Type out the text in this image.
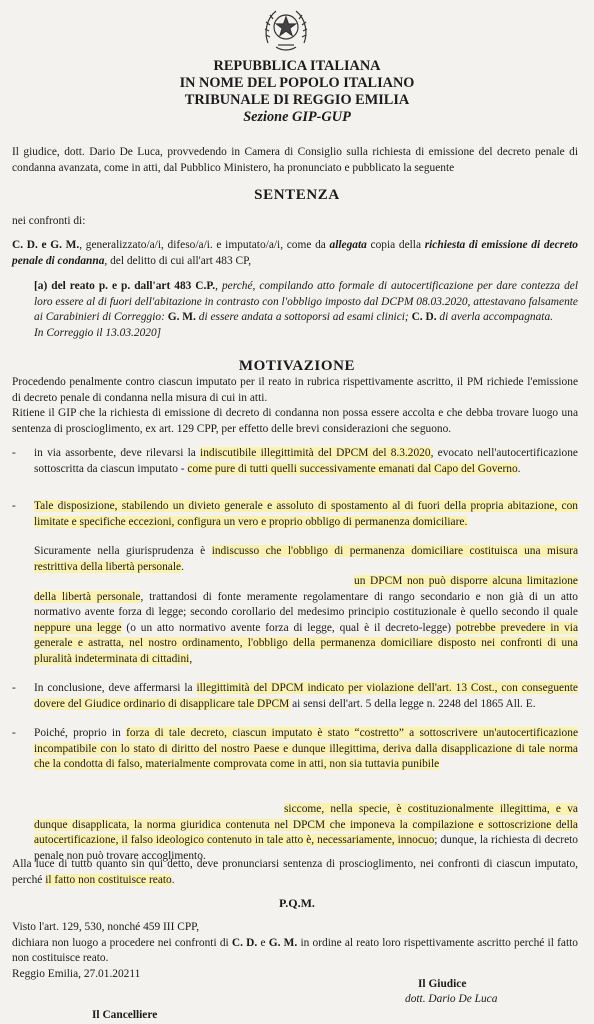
REPUBBLICA ITALIANA
IN NOME DEL POPOLO ITALIANO
TRIBUNALE DI REGGIO EMILIA
Sezione GIP-GUP

Il giudice, dott. Dario De Luca, provvedendo in Camera di Consiglio sulla richiesta di emissione del decreto penale di condanna avanzata, come in atti, dal Pubblico Ministero, ha pronunciato e pubblicato la seguente

SENTENZA

nei confronti di:

C. D. e G. M., generalizzato/a/i, difeso/a/i. e imputato/a/i, come da allegata copia della richiesta di emissione di decreto penale di condanna, del delitto di cui all'art 483 CP,

[a) del reato p. e p. dall'art 483 C.P., perché, compilando atto formale di autocertificazione per dare contezza del loro essere al di fuori dell'abitazione in contrasto con l'obbligo imposto dal DCPM 08.03.2020, attestavano falsamente ai Carabinieri di Correggio: G. M. di essere andata a sottoporsi ad esami clinici; C. D. di averla accompagnata.
In Correggio il 13.03.2020]

MOTIVAZIONE

Procedendo penalmente contro ciascun imputato per il reato in rubrica rispettivamente ascritto, il PM richiede l'emissione di decreto penale di condanna nella misura di cui in atti.

Ritiene il GIP che la richiesta di emissione di decreto di condanna non possa essere accolta e che debba trovare luogo una sentenza di proscioglimento, ex art. 129 CPP, per effetto delle brevi considerazioni che seguono.

- in via assorbente, deve rilevarsi la indiscutibile illegittimità del DPCM del 8.3.2020, evocato nell'autocertificazione sottoscritta da ciascun imputato - come pure di tutti quelli successivamente emanati dal Capo del Governo.

- Tale disposizione, stabilendo un divieto generale e assoluto di spostamento al di fuori della propria abitazione, con limitate e specifiche eccezioni, configura un vero e proprio obbligo di permanenza domiciliare.

Sicuramente nella giurisprudenza è indiscusso che l'obbligo di permanenza domiciliare costituisca una misura restrittiva della libertà personale.

un DPCM non può disporre alcuna limitazione della libertà personale, trattandosi di fonte meramente regolamentare di rango secondario e non già di un atto normativo avente forza di legge; secondo corollario del medesimo principio costituzionale è quello secondo il quale neppure una legge (o un atto normativo avente forza di legge, qual è il decreto-legge) potrebbe prevedere in via generale e astratta, nel nostro ordinamento, l'obbligo della permanenza domiciliare disposto nei confronti di una pluralità indeterminata di cittadini,

- In conclusione, deve affermarsi la illegittimità del DPCM indicato per violazione dell'art. 13 Cost., con conseguente dovere del Giudice ordinario di disapplicare tale DPCM ai sensi dell'art. 5 della legge n. 2248 del 1865 All. E.

- Poiché, proprio in forza di tale decreto, ciascun imputato è stato “costretto” a sottoscrivere un'autocertificazione incompatibile con lo stato di diritto del nostro Paese e dunque illegittima, deriva dalla disapplicazione di tale norma che la condotta di falso, materialmente comprovata come in atti, non sia tuttavia punibile

siccome, nella specie, è costituzionalmente illegittima, e va dunque disapplicata, la norma giuridica contenuta nel DPCM che imponeva la compilazione e sottoscrizione della autocertificazione, il falso ideologico contenuto in tale atto è, necessariamente, innocuo; dunque, la richiesta di decreto penale non può trovare accoglimento.

Alla luce di tutto quanto sin qui detto, deve pronunciarsi sentenza di proscioglimento, nei confronti di ciascun imputato, perché il fatto non costituisce reato.

P.Q.M.

Visto l'art. 129, 530, nonché 459 III CPP,

dichiara non luogo a procedere nei confronti di C. D. e G. M. in ordine al reato loro rispettivamente ascritto perché il fatto non costituisce reato.

Reggio Emilia, 27.01.20211

Il Giudice
dott. Dario De Luca
Il Cancelliere
